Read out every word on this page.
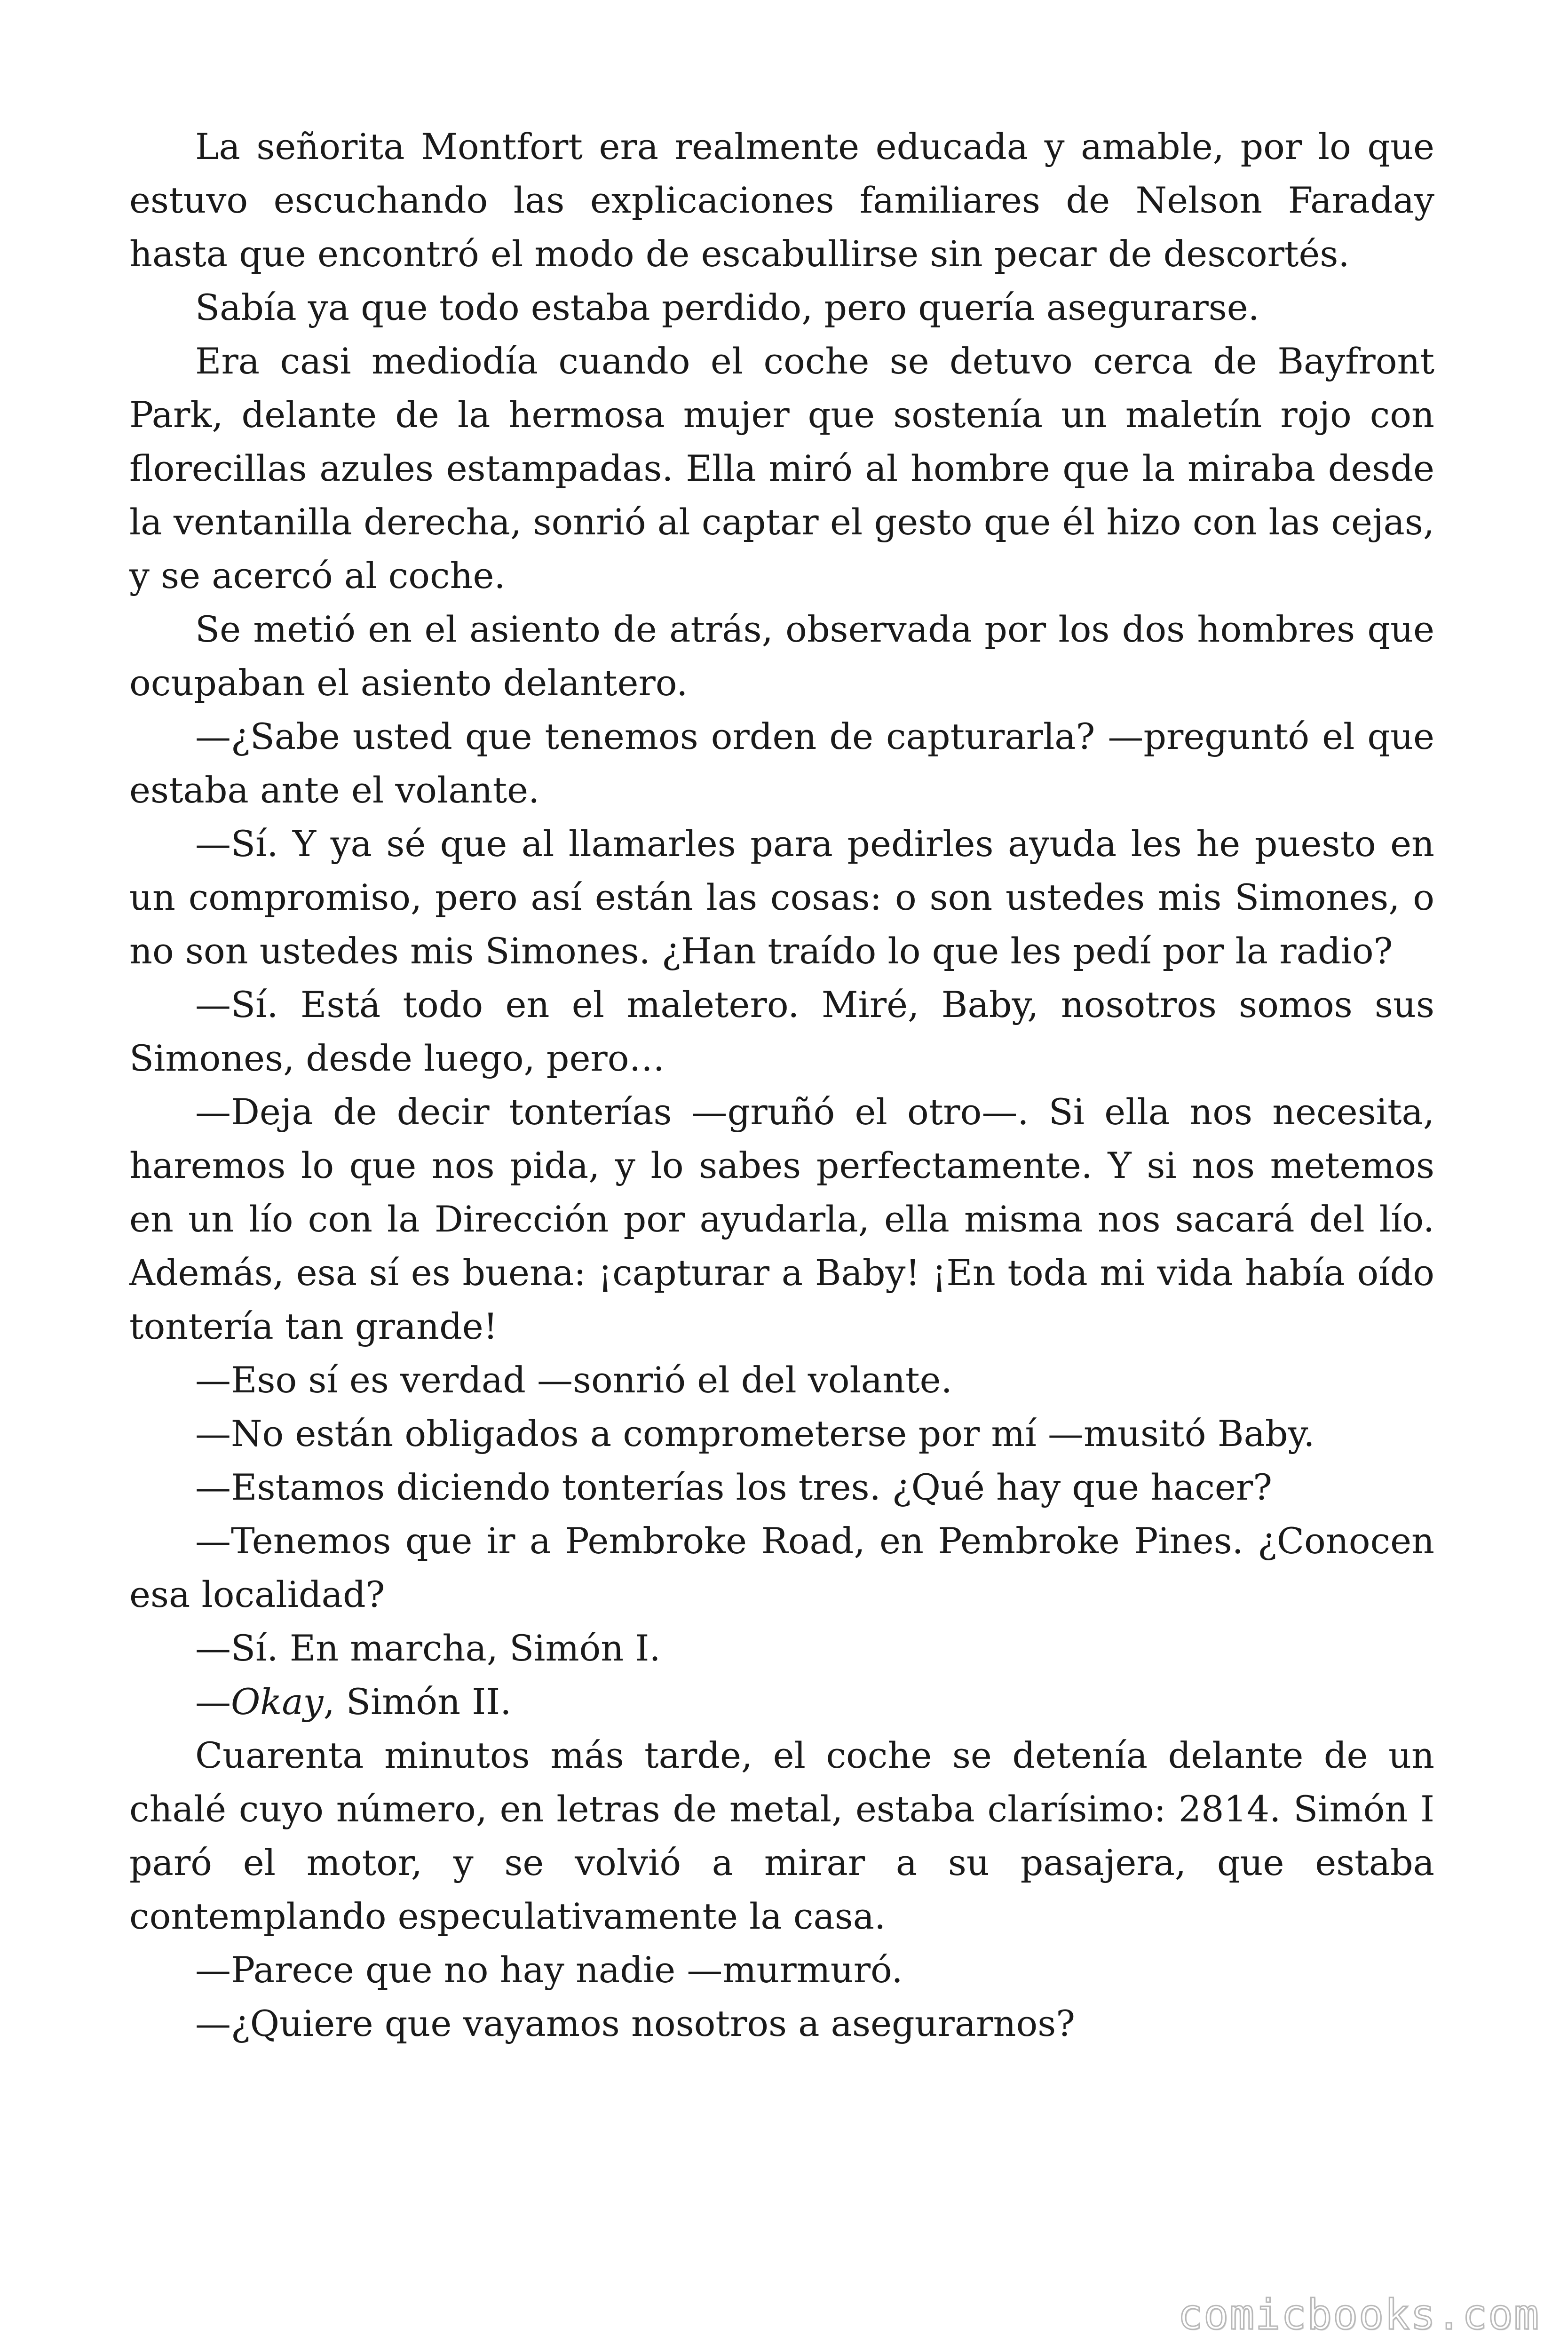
La señorita Montfort era realmente educada y amable, por lo que estuvo escuchando las explicaciones familiares de Nelson Faraday hasta que encontró el modo de escabullirse sin pecar de descortés.

Sabía ya que todo estaba perdido, pero quería asegurarse.

Era casi mediodía cuando el coche se detuvo cerca de Bayfront Park, delante de la hermosa mujer que sostenía un maletín rojo con florecillas azules estampadas. Ella miró al hombre que la miraba desde la ventanilla derecha, sonrió al captar el gesto que él hizo con las cejas, y se acercó al coche.

Se metió en el asiento de atrás, observada por los dos hombres que ocupaban el asiento delantero.

—¿Sabe usted que tenemos orden de capturarla? —preguntó el que estaba ante el volante.

—Sí. Y ya sé que al llamarles para pedirles ayuda les he puesto en un compromiso, pero así están las cosas: o son ustedes mis Simones, o no son ustedes mis Simones. ¿Han traído lo que les pedí por la radio?

—Sí. Está todo en el maletero. Miré, Baby, nosotros somos sus Simones, desde luego, pero…

—Deja de decir tonterías —gruñó el otro—. Si ella nos necesita, haremos lo que nos pida, y lo sabes perfectamente. Y si nos metemos en un lío con la Dirección por ayudarla, ella misma nos sacará del lío. Además, esa sí es buena: ¡capturar a Baby! ¡En toda mi vida había oído tontería tan grande!

—Eso sí es verdad —sonrió el del volante.

—No están obligados a comprometerse por mí —musitó Baby.

—Estamos diciendo tonterías los tres. ¿Qué hay que hacer?

—Tenemos que ir a Pembroke Road, en Pembroke Pines. ¿Conocen esa localidad?

—Sí. En marcha, Simón I.

—Okay, Simón II.

Cuarenta minutos más tarde, el coche se detenía delante de un chalé cuyo número, en letras de metal, estaba clarísimo: 2814. Simón I paró el motor, y se volvió a mirar a su pasajera, que estaba contemplando especulativamente la casa.

—Parece que no hay nadie —murmuró.

—¿Quiere que vayamos nosotros a asegurarnos?

comicbooks.com
